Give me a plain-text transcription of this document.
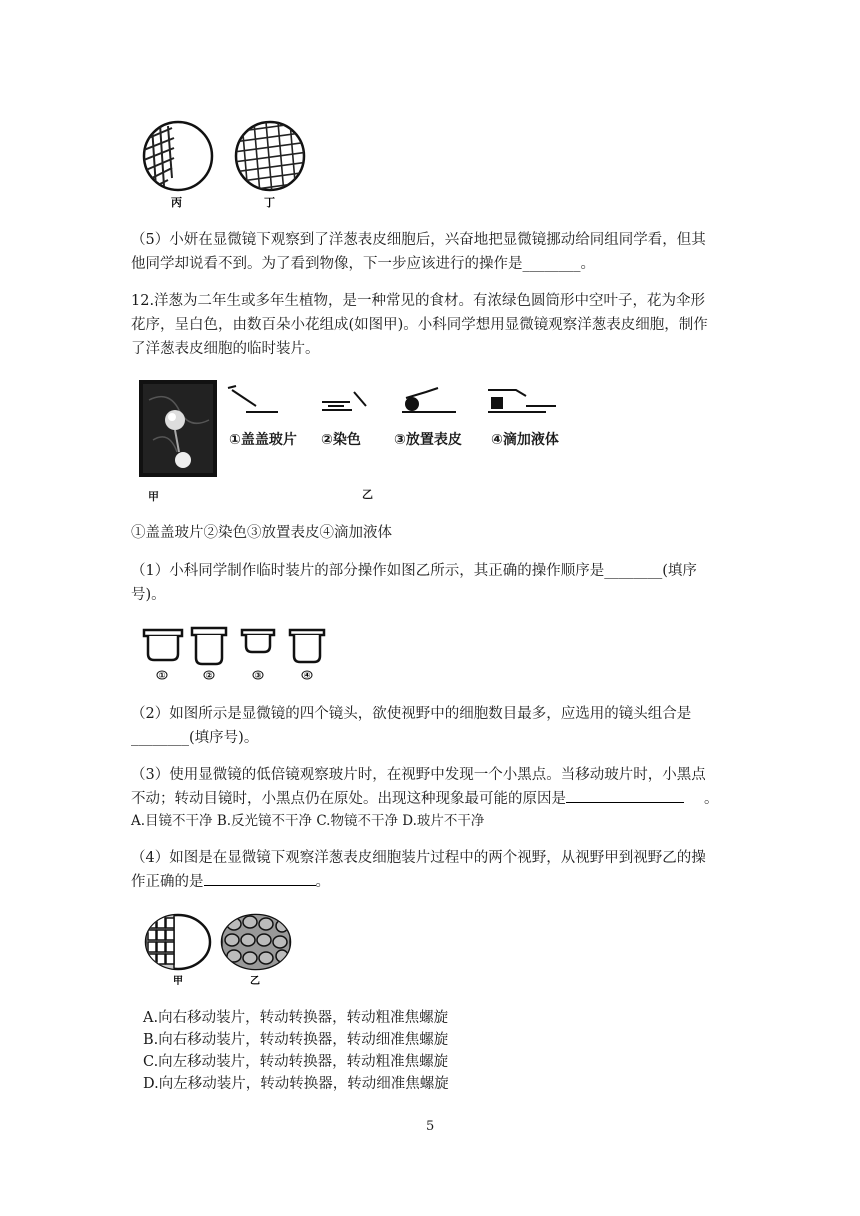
丙	丁
（5）小妍在显微镜下观察到了洋葱表皮细胞后，兴奋地把显微镜挪动给同组同学看，但其
他同学却说看不到。为了看到物像，下一步应该进行的操作是________。
12.洋葱为二年生或多年生植物，是一种常见的食材。有浓绿色圆筒形中空叶子，花为伞形
花序，呈白色，由数百朵小花组成(如图甲)。小科同学想用显微镜观察洋葱表皮细胞，制作
了洋葱表皮细胞的临时装片。
甲
①盖盖玻片 ②染色 ③放置表皮 ④滴加液体
乙
①盖盖玻片②染色③放置表皮④滴加液体
（1）小科同学制作临时装片的部分操作如图乙所示，其正确的操作顺序是________(填序
号)。
①	②	③	④
（2）如图所示是显微镜的四个镜头，欲使视野中的细胞数目最多，应选用的镜头组合是
________(填序号)。
（3）使用显微镜的低倍镜观察玻片时，在视野中发现一个小黑点。当移动玻片时，小黑点
不动；转动目镜时，小黑点仍在原处。出现这种现象最可能的原因是	。
A.目镜不干净 B.反光镜不干净 C.物镜不干净 D.玻片不干净
（4）如图是在显微镜下观察洋葱表皮细胞装片过程中的两个视野，从视野甲到视野乙的操
作正确的是	。
甲	乙
A.向右移动装片，转动转换器，转动粗准焦螺旋
B.向右移动装片，转动转换器，转动细准焦螺旋
C.向左移动装片，转动转换器，转动粗准焦螺旋
D.向左移动装片，转动转换器，转动细准焦螺旋
5
